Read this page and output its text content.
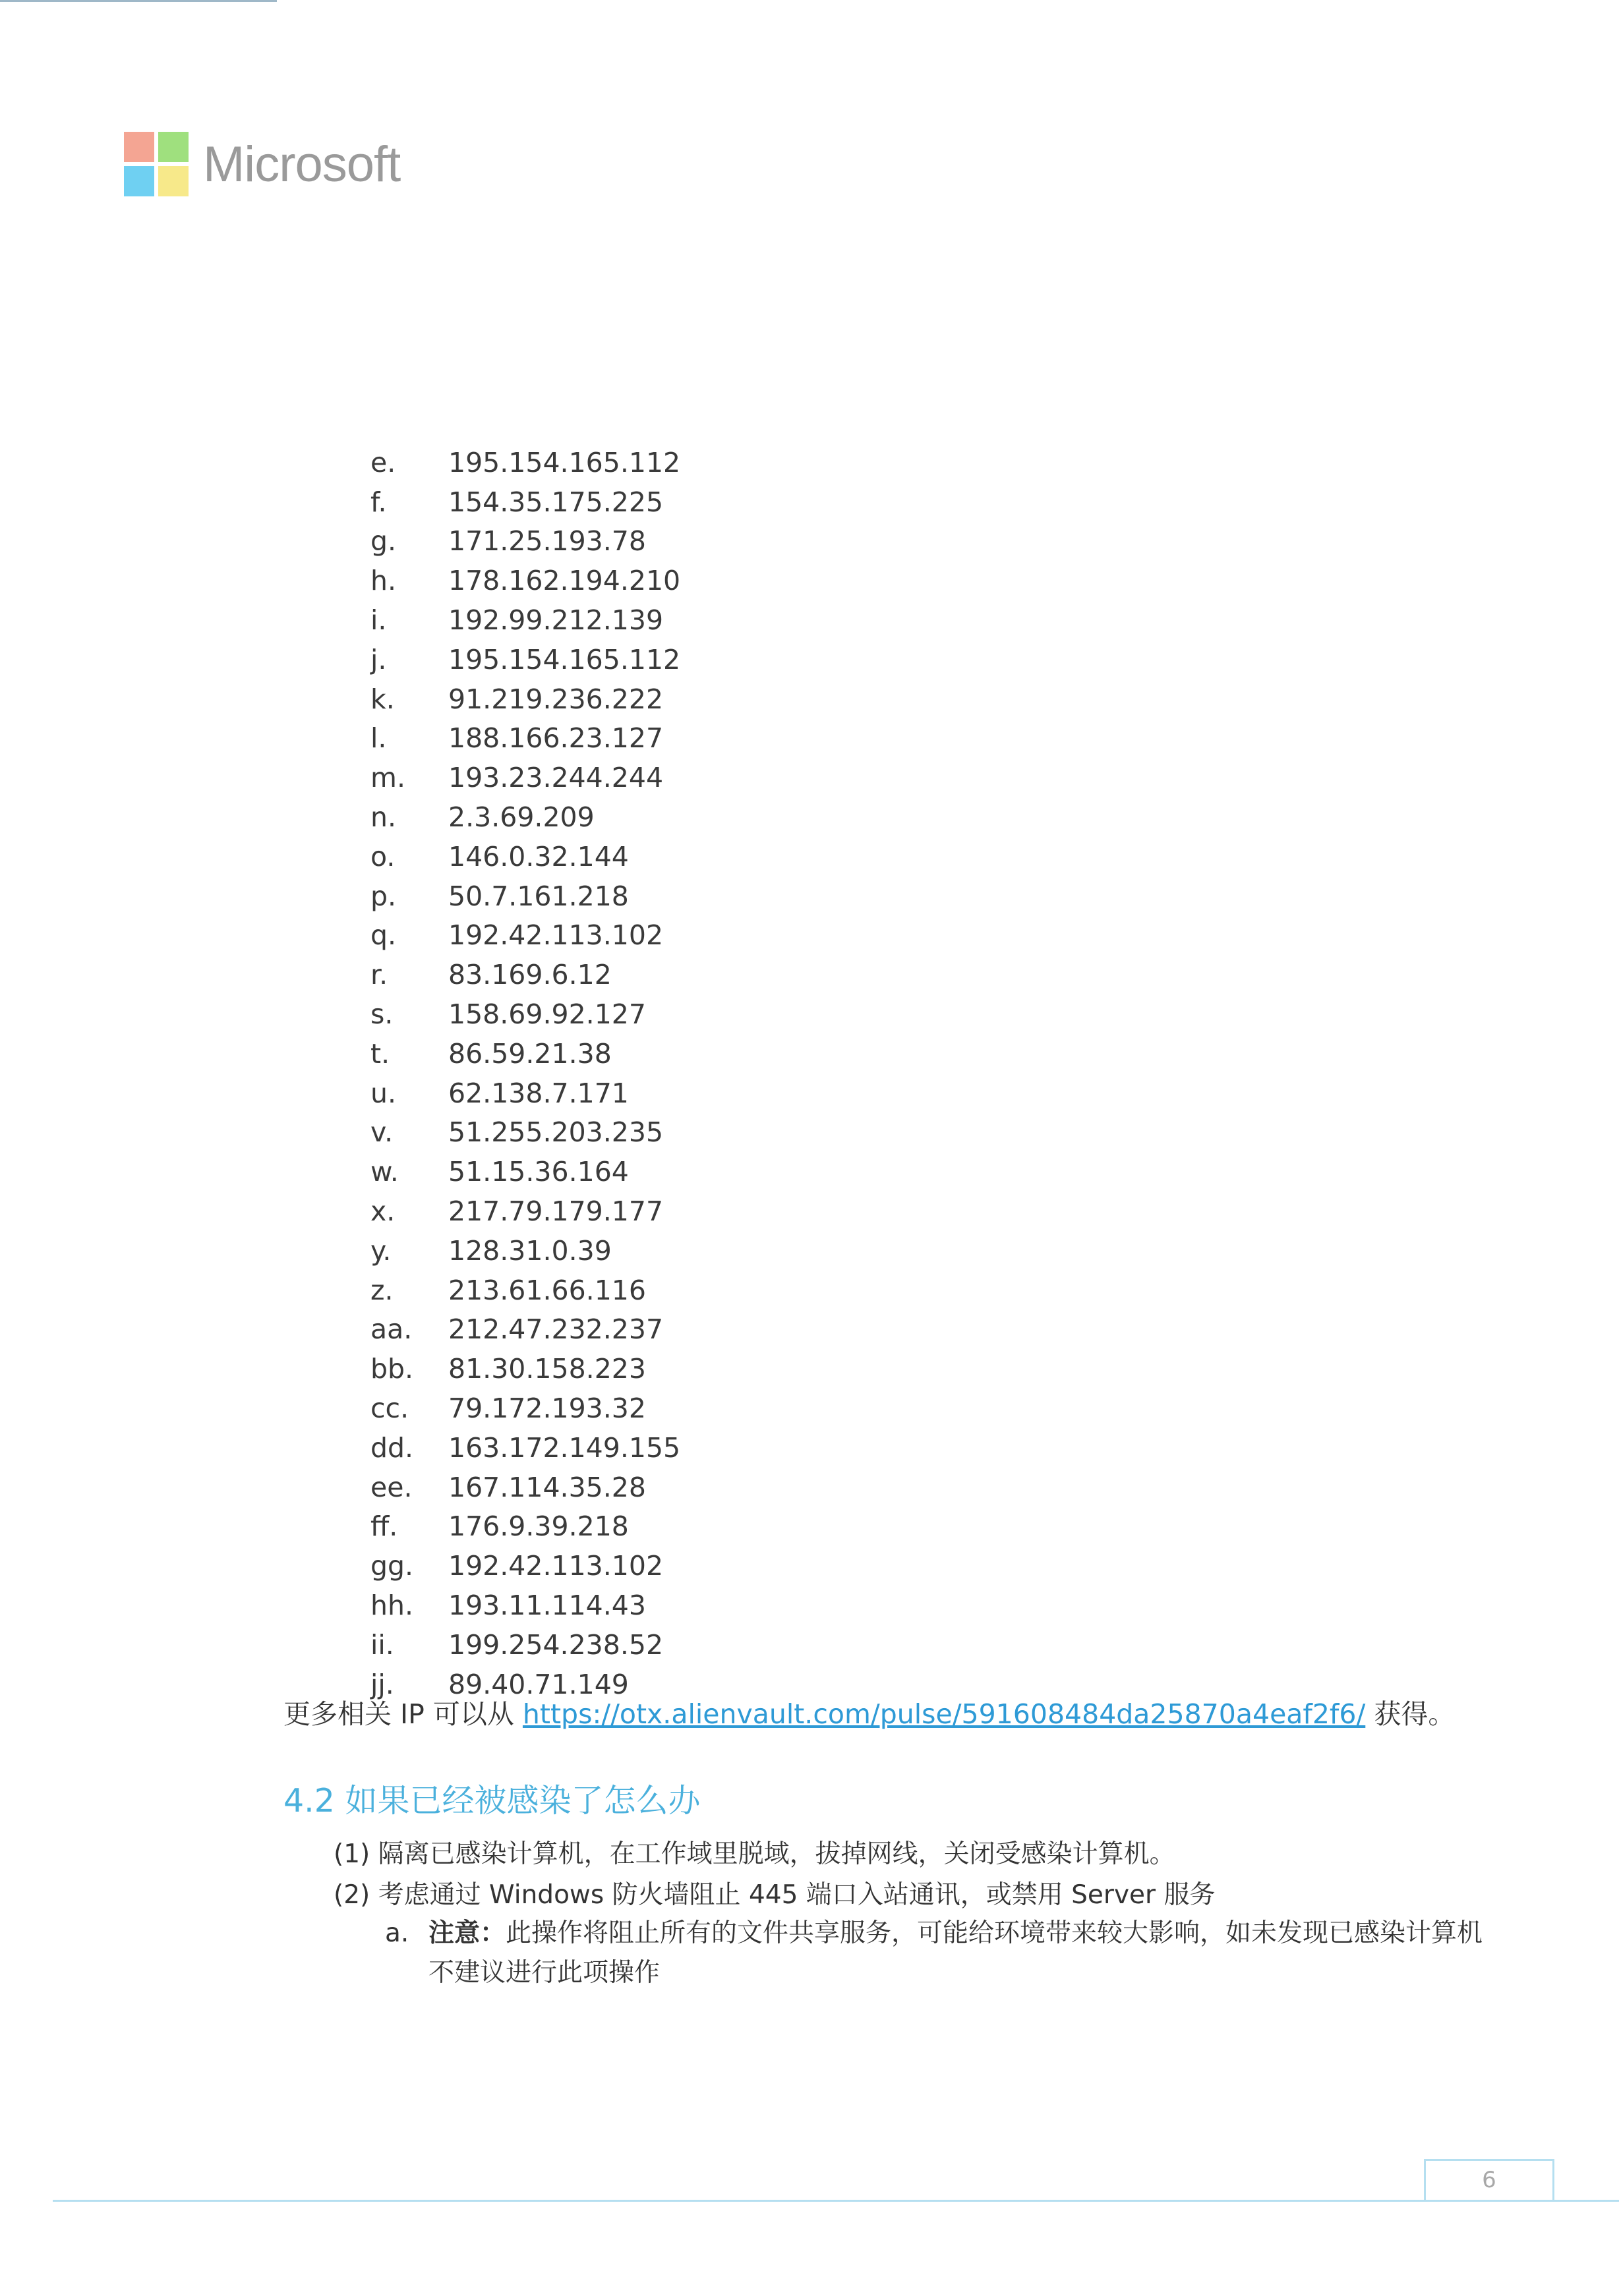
Microsoft
e.	195.154.165.112
f.	154.35.175.225
g.	171.25.193.78
h.	178.162.194.210
i.	192.99.212.139
j.	195.154.165.112
k.	91.219.236.222
l.	188.166.23.127
m.	193.23.244.244
n.	2.3.69.209
o.	146.0.32.144
p.	50.7.161.218
q.	192.42.113.102
r.	83.169.6.12
s.	158.69.92.127
t.	86.59.21.38
u.	62.138.7.171
v.	51.255.203.235
w.	51.15.36.164
x.	217.79.179.177
y.	128.31.0.39
z.	213.61.66.116
aa.	212.47.232.237
bb.	81.30.158.223
cc.	79.172.193.32
dd.	163.172.149.155
ee.	167.114.35.28
ff.	176.9.39.218
gg.	192.42.113.102
hh.	193.11.114.43
ii.	199.254.238.52
jj.	89.40.71.149
更多相关 IP 可以从 https://otx.alienvault.com/pulse/591608484da25870a4eaf2f6/ 获得。
4.2 如果已经被感染了怎么办
(1) 隔离已感染计算机，在工作域里脱域，拔掉网线，关闭受感染计算机。
(2) 考虑通过 Windows 防火墙阻止 445 端口入站通讯，或禁用 Server 服务
a. 注意：此操作将阻止所有的文件共享服务，可能给环境带来较大影响，如未发现已感染计算机不建议进行此项操作
6
